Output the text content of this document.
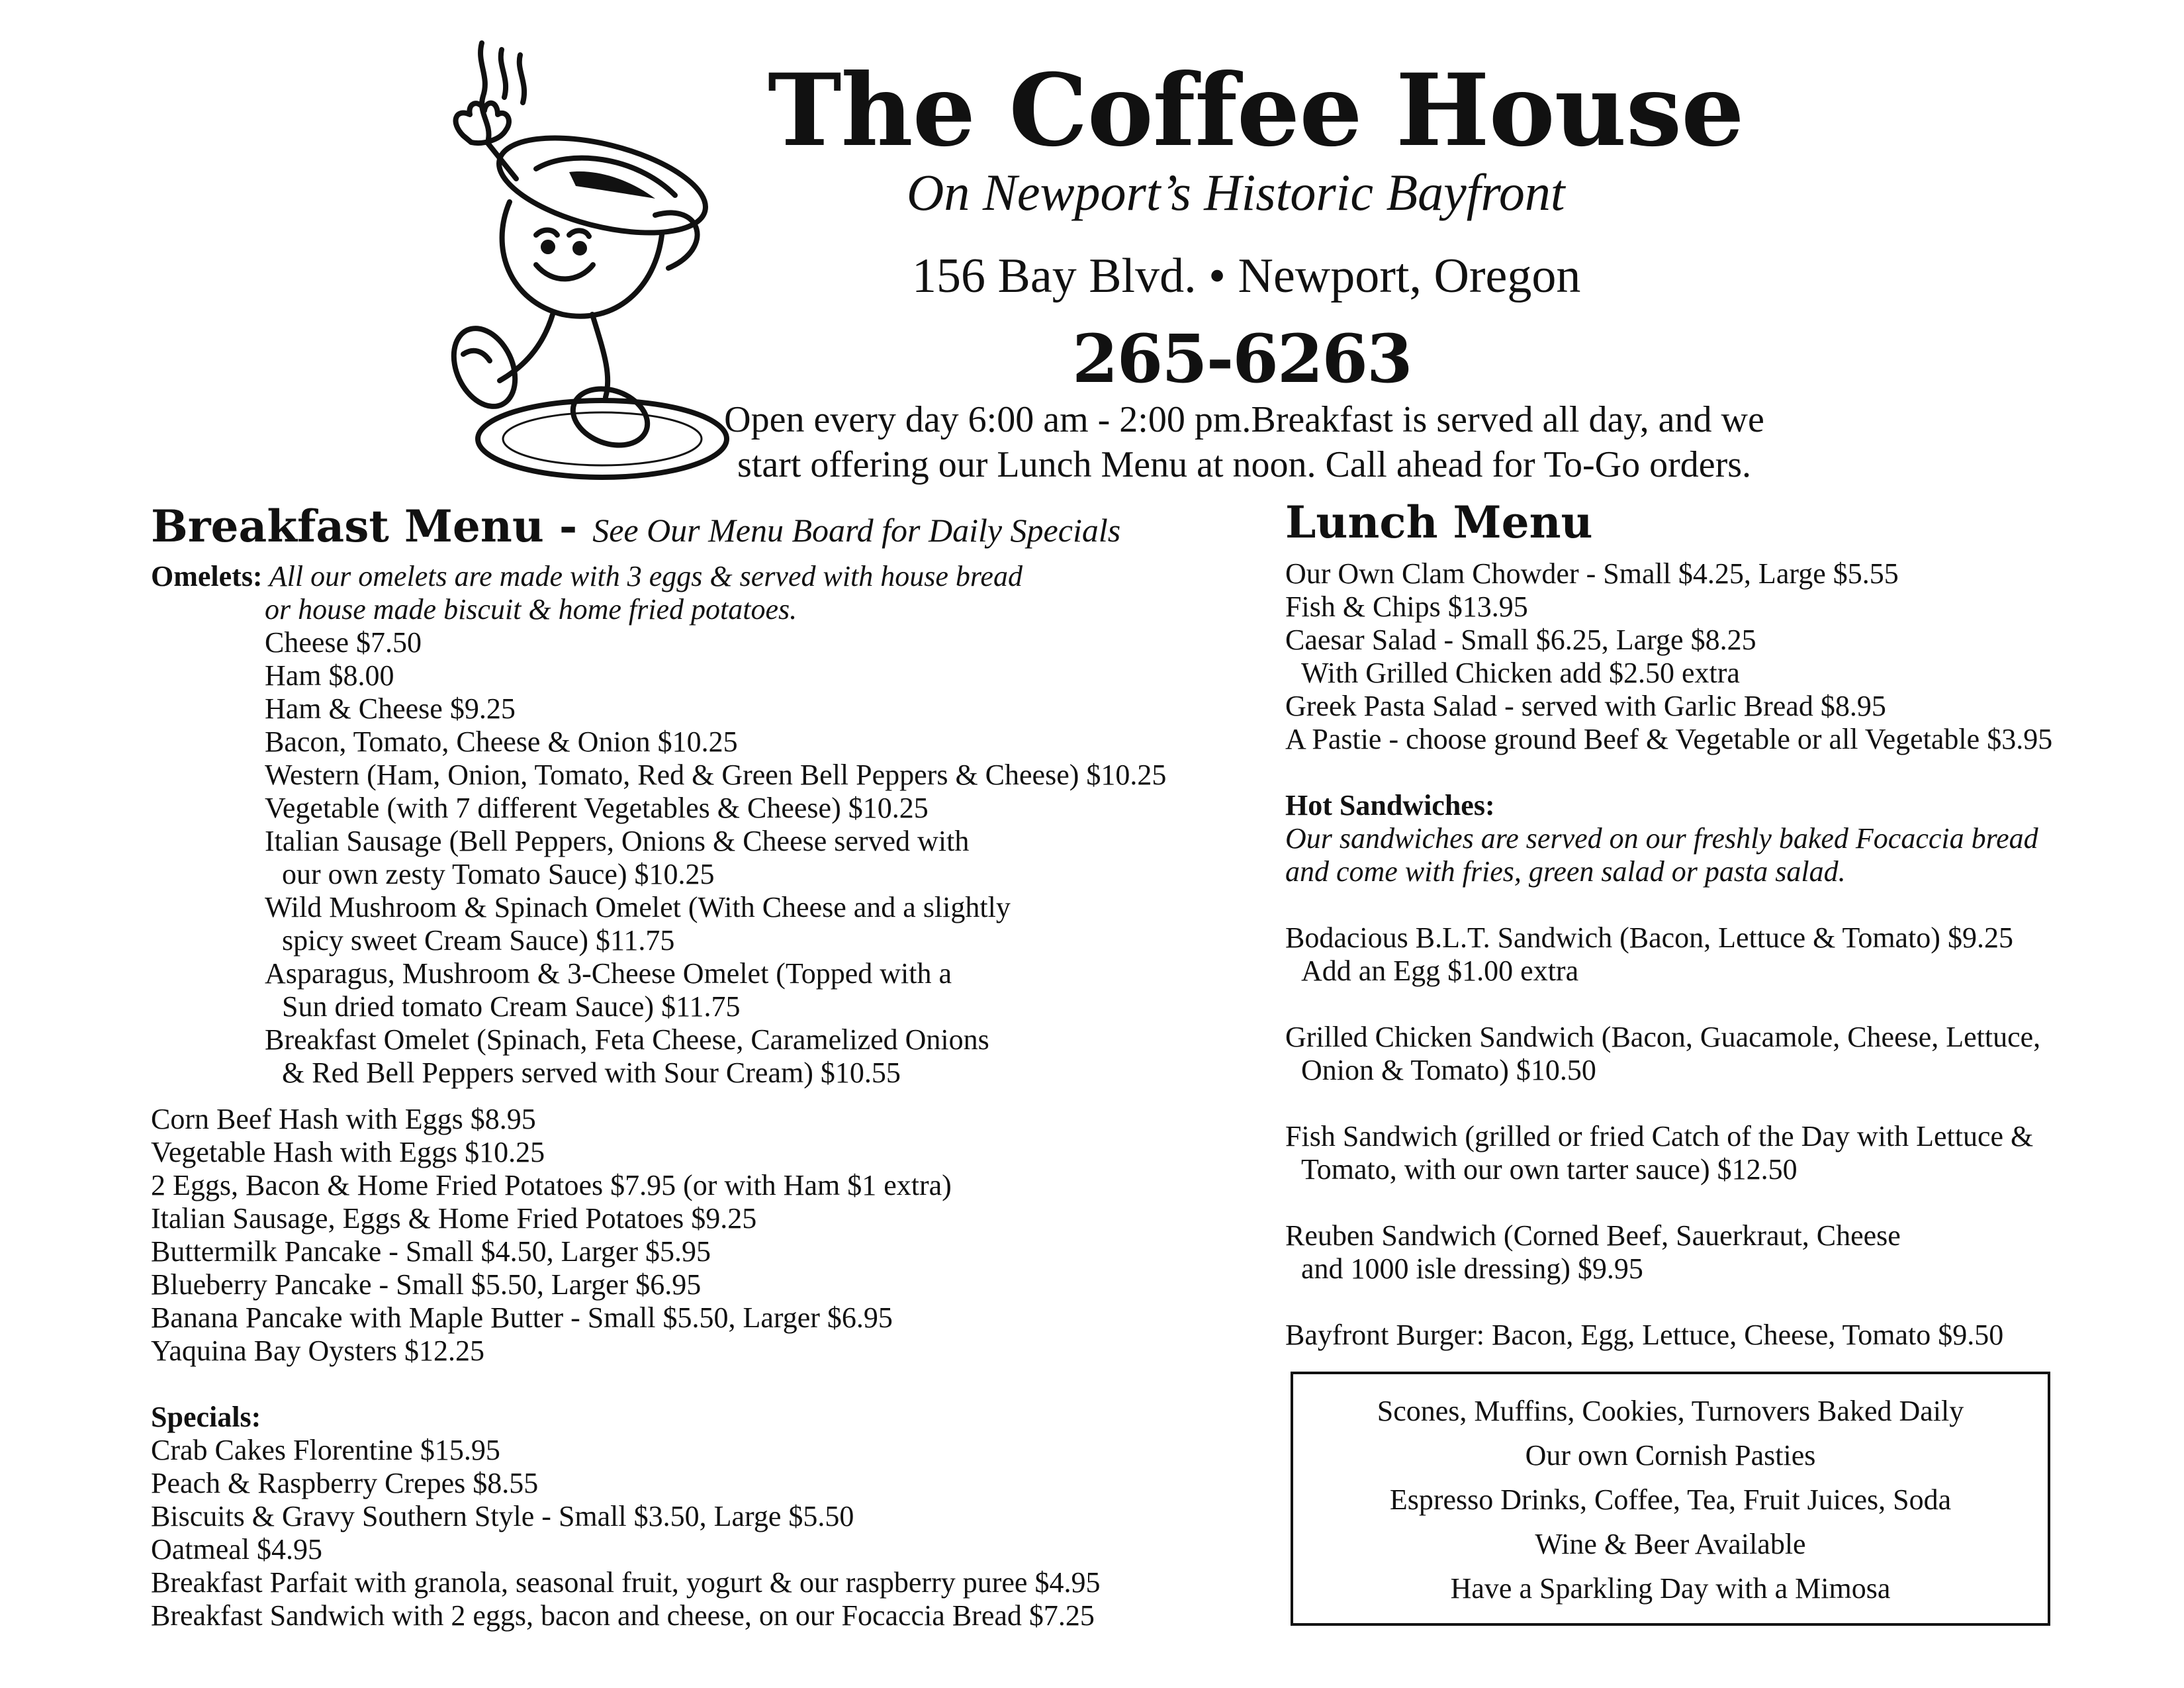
The Coffee House
On Newport’s Historic Bayfront
156 Bay Blvd. • Newport, Oregon
265-6263
Open every day 6:00 am - 2:00 pm.Breakfast is served all day, and we
start offering our Lunch Menu at noon. Call ahead for To-Go orders.
Breakfast Menu - See Our Menu Board for Daily Specials
Omelets: All our omelets are made with 3 eggs & served with house bread
or house made biscuit & home fried potatoes.
Cheese $7.50
Ham $8.00
Ham & Cheese $9.25
Bacon, Tomato, Cheese & Onion $10.25
Western (Ham, Onion, Tomato, Red & Green Bell Peppers & Cheese) $10.25
Vegetable (with 7 different Vegetables & Cheese) $10.25
Italian Sausage (Bell Peppers, Onions & Cheese served with
our own zesty Tomato Sauce) $10.25
Wild Mushroom & Spinach Omelet (With Cheese and a slightly
spicy sweet Cream Sauce) $11.75
Asparagus, Mushroom & 3-Cheese Omelet (Topped with a
Sun dried tomato Cream Sauce) $11.75
Breakfast Omelet (Spinach, Feta Cheese, Caramelized Onions
& Red Bell Peppers served with Sour Cream) $10.55
Corn Beef Hash with Eggs $8.95
Vegetable Hash with Eggs $10.25
2 Eggs, Bacon & Home Fried Potatoes $7.95 (or with Ham $1 extra)
Italian Sausage, Eggs & Home Fried Potatoes $9.25
Buttermilk Pancake - Small $4.50, Larger $5.95
Blueberry Pancake - Small $5.50, Larger $6.95
Banana Pancake with Maple Butter - Small $5.50, Larger $6.95
Yaquina Bay Oysters $12.25
Specials:
Crab Cakes Florentine $15.95
Peach & Raspberry Crepes $8.55
Biscuits & Gravy Southern Style - Small $3.50, Large $5.50
Oatmeal $4.95
Breakfast Parfait with granola, seasonal fruit, yogurt & our raspberry puree $4.95
Breakfast Sandwich with 2 eggs, bacon and cheese, on our Focaccia Bread $7.25
Lunch Menu
Our Own Clam Chowder - Small $4.25, Large $5.55
Fish & Chips $13.95
Caesar Salad - Small $6.25, Large $8.25
With Grilled Chicken add $2.50 extra
Greek Pasta Salad - served with Garlic Bread $8.95
A Pastie - choose ground Beef & Vegetable or all Vegetable $3.95
Hot Sandwiches:
Our sandwiches are served on our freshly baked Focaccia bread
and come with fries, green salad or pasta salad.
Bodacious B.L.T. Sandwich (Bacon, Lettuce & Tomato) $9.25
Add an Egg $1.00 extra
Grilled Chicken Sandwich (Bacon, Guacamole, Cheese, Lettuce,
Onion & Tomato) $10.50
Fish Sandwich (grilled or fried Catch of the Day with Lettuce &
Tomato, with our own tarter sauce) $12.50
Reuben Sandwich (Corned Beef, Sauerkraut, Cheese
and 1000 isle dressing) $9.95
Bayfront Burger: Bacon, Egg, Lettuce, Cheese, Tomato $9.50
Scones, Muffins, Cookies, Turnovers Baked Daily
Our own Cornish Pasties
Espresso Drinks, Coffee, Tea, Fruit Juices, Soda
Wine & Beer Available
Have a Sparkling Day with a Mimosa
